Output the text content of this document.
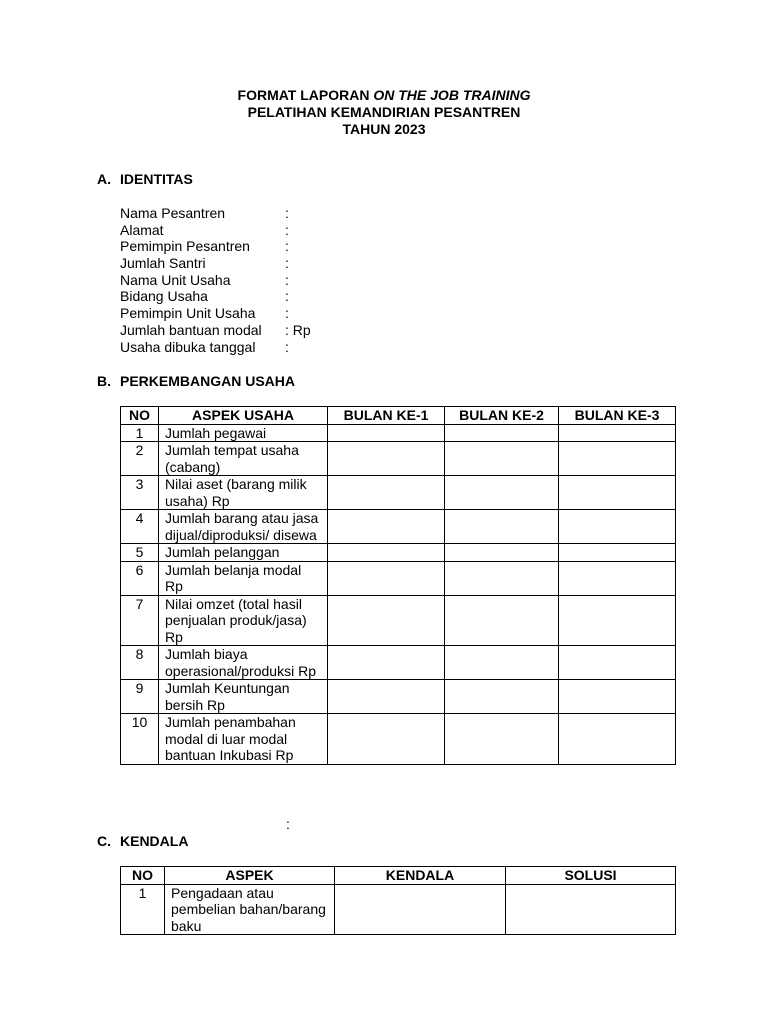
FORMAT LAPORAN ON THE JOB TRAINING
PELATIHAN KEMANDIRIAN PESANTREN
TAHUN 2023
A. IDENTITAS
Nama Pesantren	:
Alamat	:
Pemimpin Pesantren	:
Jumlah Santri	:
Nama Unit Usaha	:
Bidang Usaha	:
Pemimpin Unit Usaha	:
Jumlah bantuan modal	: Rp
Usaha dibuka tanggal	:
B. PERKEMBANGAN USAHA
NO	ASPEK USAHA	BULAN KE-1	BULAN KE-2	BULAN KE-3
1	Jumlah pegawai			
2	Jumlah tempat usaha (cabang)			
3	Nilai aset (barang milik usaha) Rp			
4	Jumlah barang atau jasa dijual/diproduksi/ disewa			
5	Jumlah pelanggan			
6	Jumlah belanja modal Rp			
7	Nilai omzet (total hasil penjualan produk/jasa) Rp			
8	Jumlah biaya operasional/produksi Rp			
9	Jumlah Keuntungan bersih Rp			
10	Jumlah penambahan modal di luar modal bantuan Inkubasi Rp			
:
C. KENDALA
NO	ASPEK	KENDALA	SOLUSI
1	Pengadaan atau pembelian bahan/barang baku		
